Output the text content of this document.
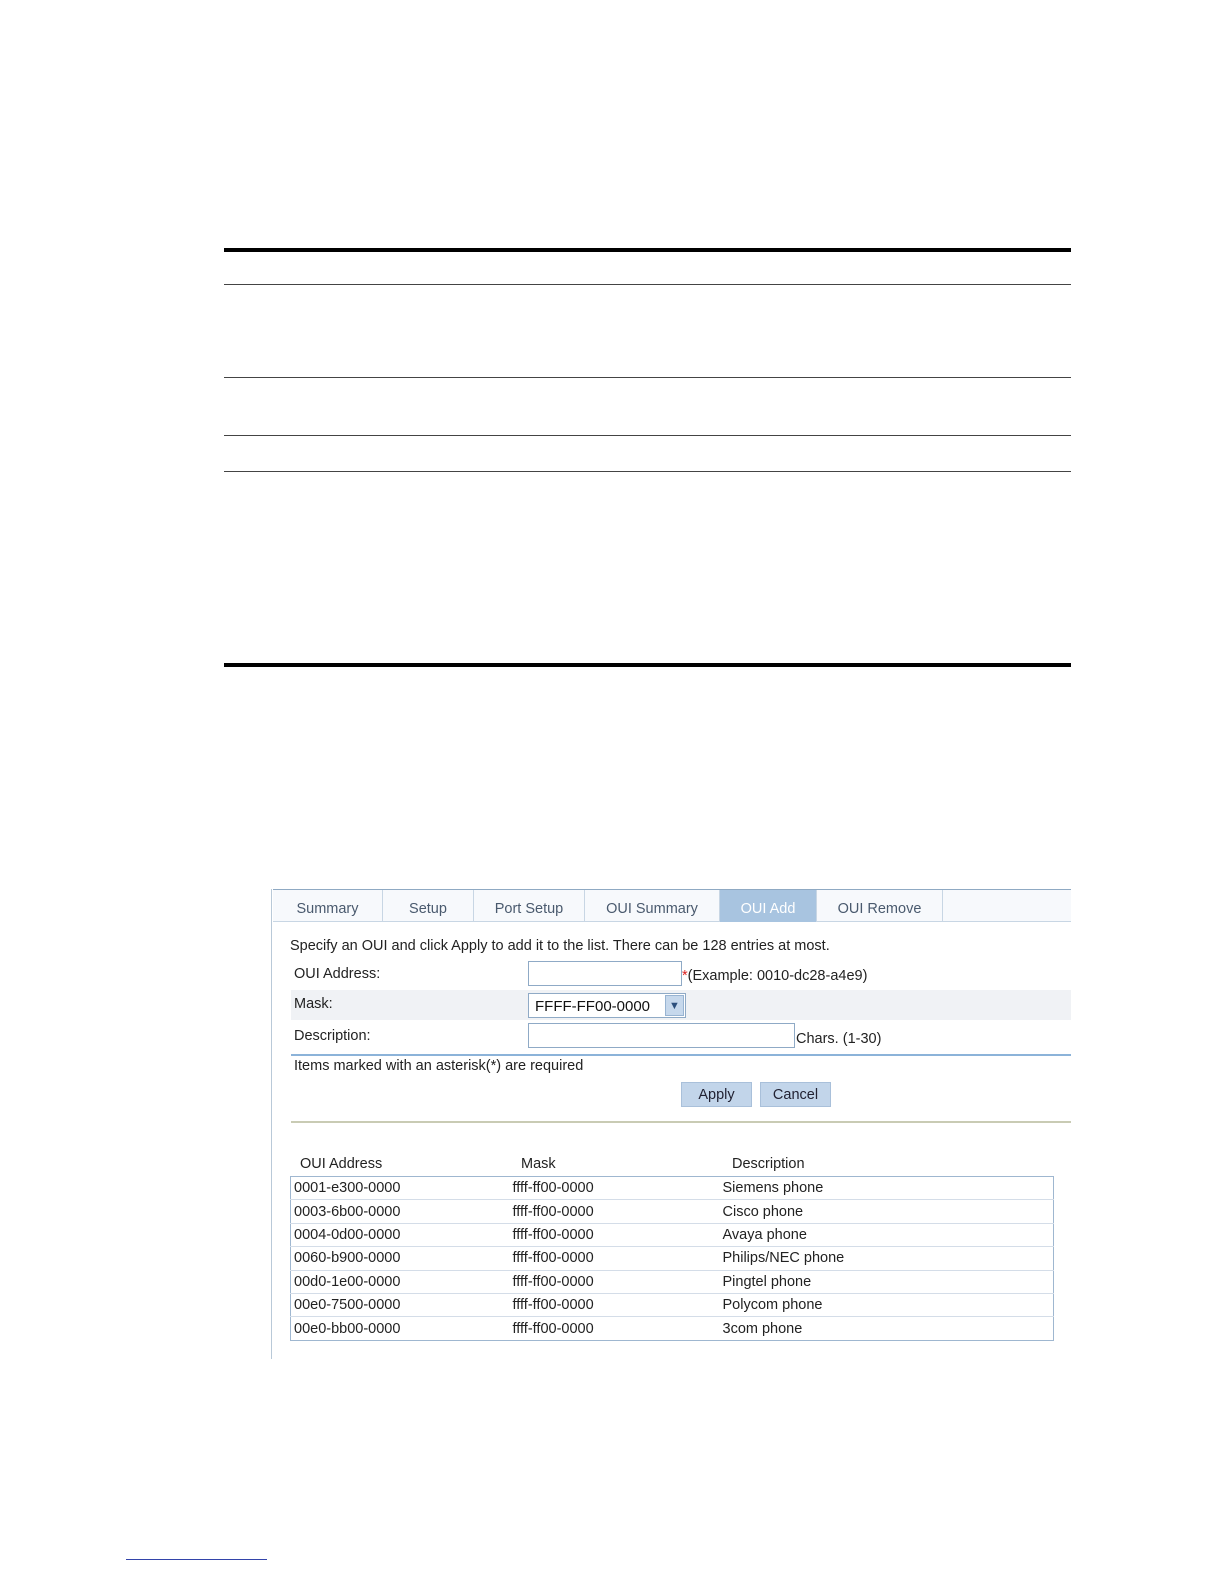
Summary	Setup	Port Setup	OUI Summary	OUI Add	OUI Remove
Specify an OUI and click Apply to add it to the list. There can be 128 entries at most.
OUI Address:	*(Example: 0010-dc28-a4e9)
Mask:	FFFF-FF00-0000	▼
Description:	Chars. (1-30)
Items marked with an asterisk(*) are required
Apply	Cancel
OUI Address	Mask	Description
0001-e300-0000	ffff-ff00-0000	Siemens phone
0003-6b00-0000	ffff-ff00-0000	Cisco phone
0004-0d00-0000	ffff-ff00-0000	Avaya phone
0060-b900-0000	ffff-ff00-0000	Philips/NEC phone
00d0-1e00-0000	ffff-ff00-0000	Pingtel phone
00e0-7500-0000	ffff-ff00-0000	Polycom phone
00e0-bb00-0000	ffff-ff00-0000	3com phone
